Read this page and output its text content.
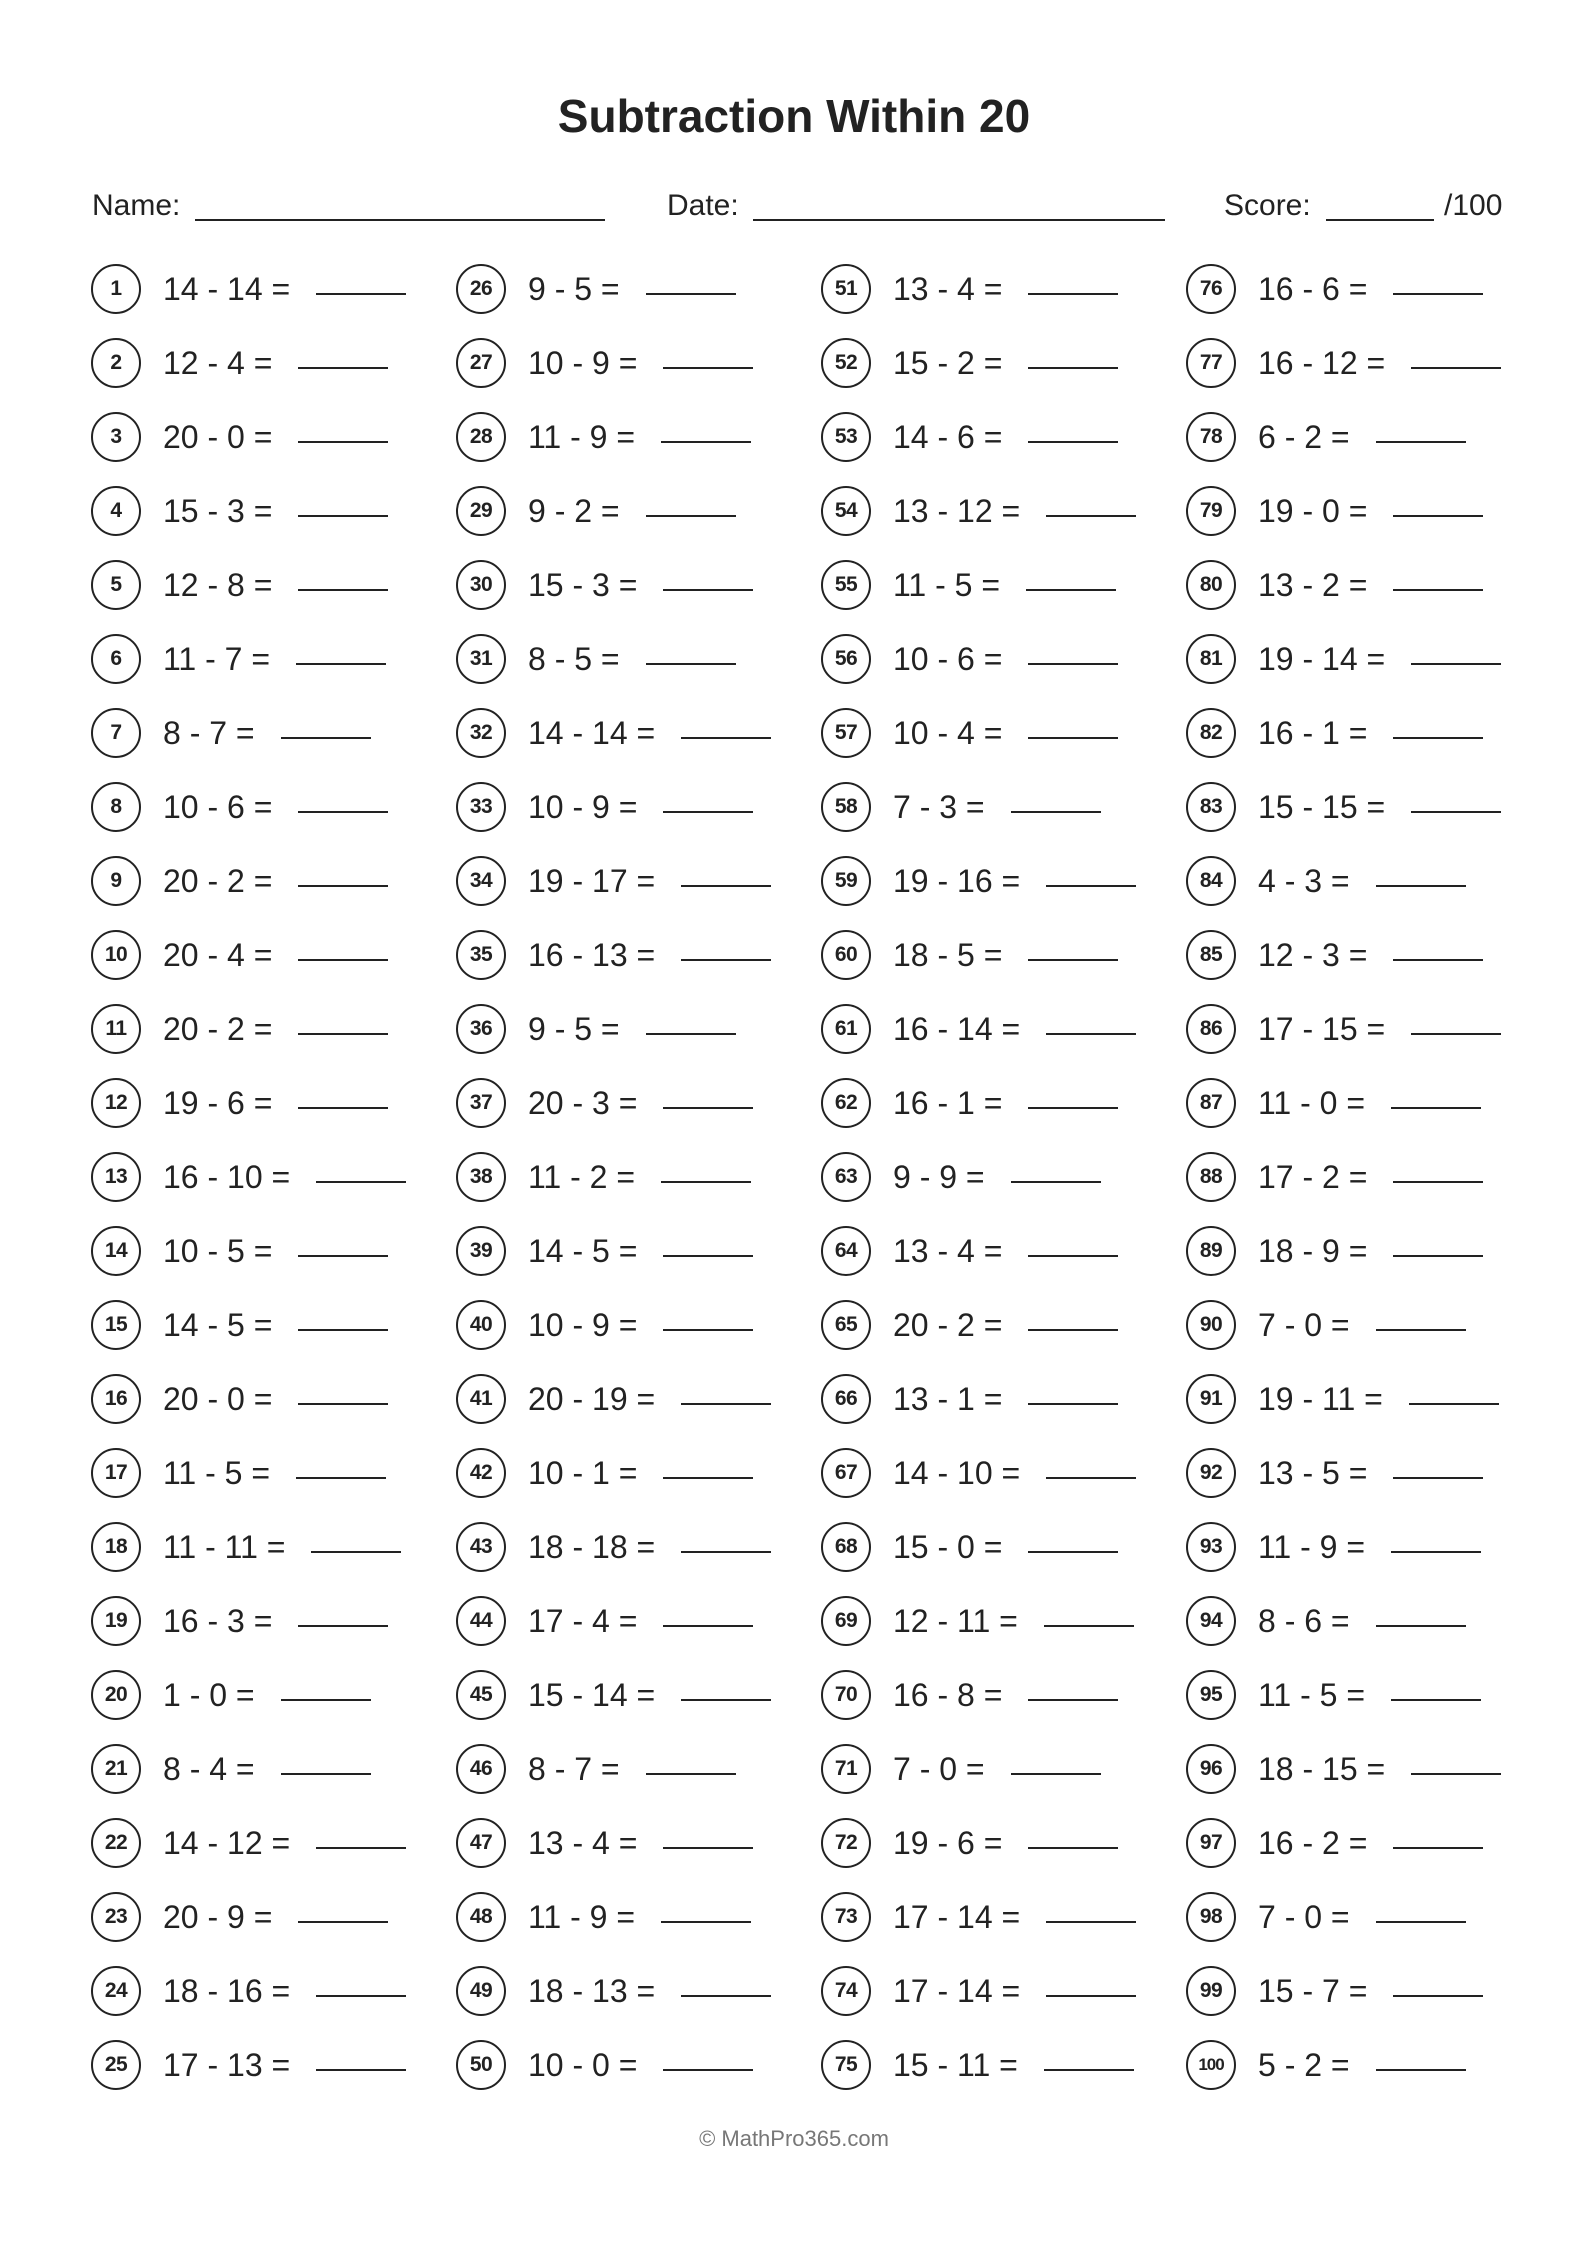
Subtraction Within 20
Name:	Date:	Score:	/100
1	14 - 14 =
2	12 - 4 =
3	20 - 0 =
4	15 - 3 =
5	12 - 8 =
6	11 - 7 =
7	8 - 7 =
8	10 - 6 =
9	20 - 2 =
10	20 - 4 =
11	20 - 2 =
12	19 - 6 =
13	16 - 10 =
14	10 - 5 =
15	14 - 5 =
16	20 - 0 =
17	11 - 5 =
18	11 - 11 =
19	16 - 3 =
20	1 - 0 =
21	8 - 4 =
22	14 - 12 =
23	20 - 9 =
24	18 - 16 =
25	17 - 13 =
26	9 - 5 =
27	10 - 9 =
28	11 - 9 =
29	9 - 2 =
30	15 - 3 =
31	8 - 5 =
32	14 - 14 =
33	10 - 9 =
34	19 - 17 =
35	16 - 13 =
36	9 - 5 =
37	20 - 3 =
38	11 - 2 =
39	14 - 5 =
40	10 - 9 =
41	20 - 19 =
42	10 - 1 =
43	18 - 18 =
44	17 - 4 =
45	15 - 14 =
46	8 - 7 =
47	13 - 4 =
48	11 - 9 =
49	18 - 13 =
50	10 - 0 =
51	13 - 4 =
52	15 - 2 =
53	14 - 6 =
54	13 - 12 =
55	11 - 5 =
56	10 - 6 =
57	10 - 4 =
58	7 - 3 =
59	19 - 16 =
60	18 - 5 =
61	16 - 14 =
62	16 - 1 =
63	9 - 9 =
64	13 - 4 =
65	20 - 2 =
66	13 - 1 =
67	14 - 10 =
68	15 - 0 =
69	12 - 11 =
70	16 - 8 =
71	7 - 0 =
72	19 - 6 =
73	17 - 14 =
74	17 - 14 =
75	15 - 11 =
76	16 - 6 =
77	16 - 12 =
78	6 - 2 =
79	19 - 0 =
80	13 - 2 =
81	19 - 14 =
82	16 - 1 =
83	15 - 15 =
84	4 - 3 =
85	12 - 3 =
86	17 - 15 =
87	11 - 0 =
88	17 - 2 =
89	18 - 9 =
90	7 - 0 =
91	19 - 11 =
92	13 - 5 =
93	11 - 9 =
94	8 - 6 =
95	11 - 5 =
96	18 - 15 =
97	16 - 2 =
98	7 - 0 =
99	15 - 7 =
100	5 - 2 =
© MathPro365.com
